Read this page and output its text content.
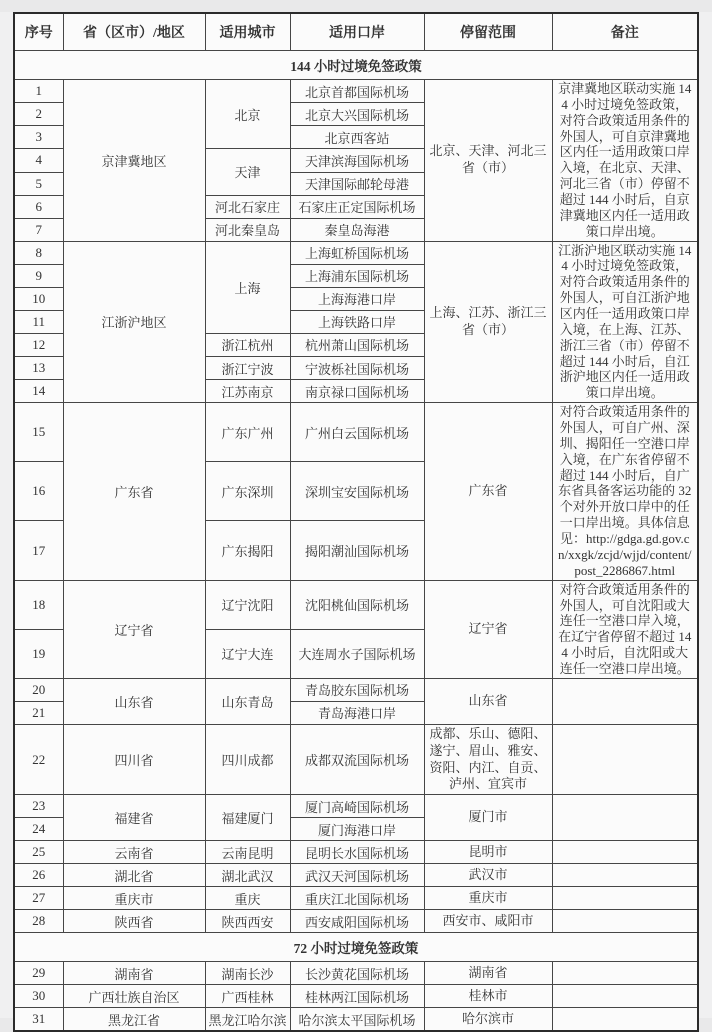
序号	省（区市）/地区	适用城市	适用口岸	停留范围	备注
144 小时过境免签政策					
1	京津冀地区	北京	北京首都国际机场	北京、天津、河北三省（市）	京津冀地区联动实施 144 小时过境免签政策，对符合政策适用条件的外国人，可自京津冀地区内任一适用政策口岸入境，在北京、天津、河北三省（市）停留不超过 144 小时后，自京津冀地区内任一适用政策口岸出境。
2			北京大兴国际机场		
3			北京西客站		
4		天津	天津滨海国际机场		
5			天津国际邮轮母港		
6		河北石家庄	石家庄正定国际机场		
7		河北秦皇岛	秦皇岛海港		
8	江浙沪地区	上海	上海虹桥国际机场	上海、江苏、浙江三省（市）	江浙沪地区联动实施 144 小时过境免签政策，对符合政策适用条件的外国人，可自江浙沪地区内任一适用政策口岸入境，在上海、江苏、浙江三省（市）停留不超过 144 小时后，自江浙沪地区内任一适用政策口岸出境。
9			上海浦东国际机场		
10			上海海港口岸		
11			上海铁路口岸		
12		浙江杭州	杭州萧山国际机场		
13		浙江宁波	宁波栎社国际机场		
14		江苏南京	南京禄口国际机场		
15	广东省	广东广州	广州白云国际机场	广东省	对符合政策适用条件的外国人，可自广州、深圳、揭阳任一空港口岸入境，在广东省停留不超过 144 小时后，自广东省具备客运功能的 32 个对外开放口岸中的任一口岸出境。具体信息见：http://gdga.gd.gov.cn/xxgk/zcjd/wjjd/content/post_2286867.html
16		广东深圳	深圳宝安国际机场		
17		广东揭阳	揭阳潮汕国际机场		
18	辽宁省	辽宁沈阳	沈阳桃仙国际机场	辽宁省	对符合政策适用条件的外国人，可自沈阳或大连任一空港口岸入境，在辽宁省停留不超过 144 小时后，自沈阳或大连任一空港口岸出境。
19		辽宁大连	大连周水子国际机场		
20	山东省	山东青岛	青岛胶东国际机场	山东省	
21			青岛海港口岸		
22	四川省	四川成都	成都双流国际机场	成都、乐山、德阳、遂宁、眉山、雅安、资阳、内江、自贡、泸州、宜宾市	
23	福建省	福建厦门	厦门高崎国际机场	厦门市	
24			厦门海港口岸		
25	云南省	云南昆明	昆明长水国际机场	昆明市	
26	湖北省	湖北武汉	武汉天河国际机场	武汉市	
27	重庆市	重庆	重庆江北国际机场	重庆市	
28	陕西省	陕西西安	西安咸阳国际机场	西安市、咸阳市	
72 小时过境免签政策					
29	湖南省	湖南长沙	长沙黄花国际机场	湖南省	
30	广西壮族自治区	广西桂林	桂林两江国际机场	桂林市	
31	黑龙江省	黑龙江哈尔滨	哈尔滨太平国际机场	哈尔滨市	
